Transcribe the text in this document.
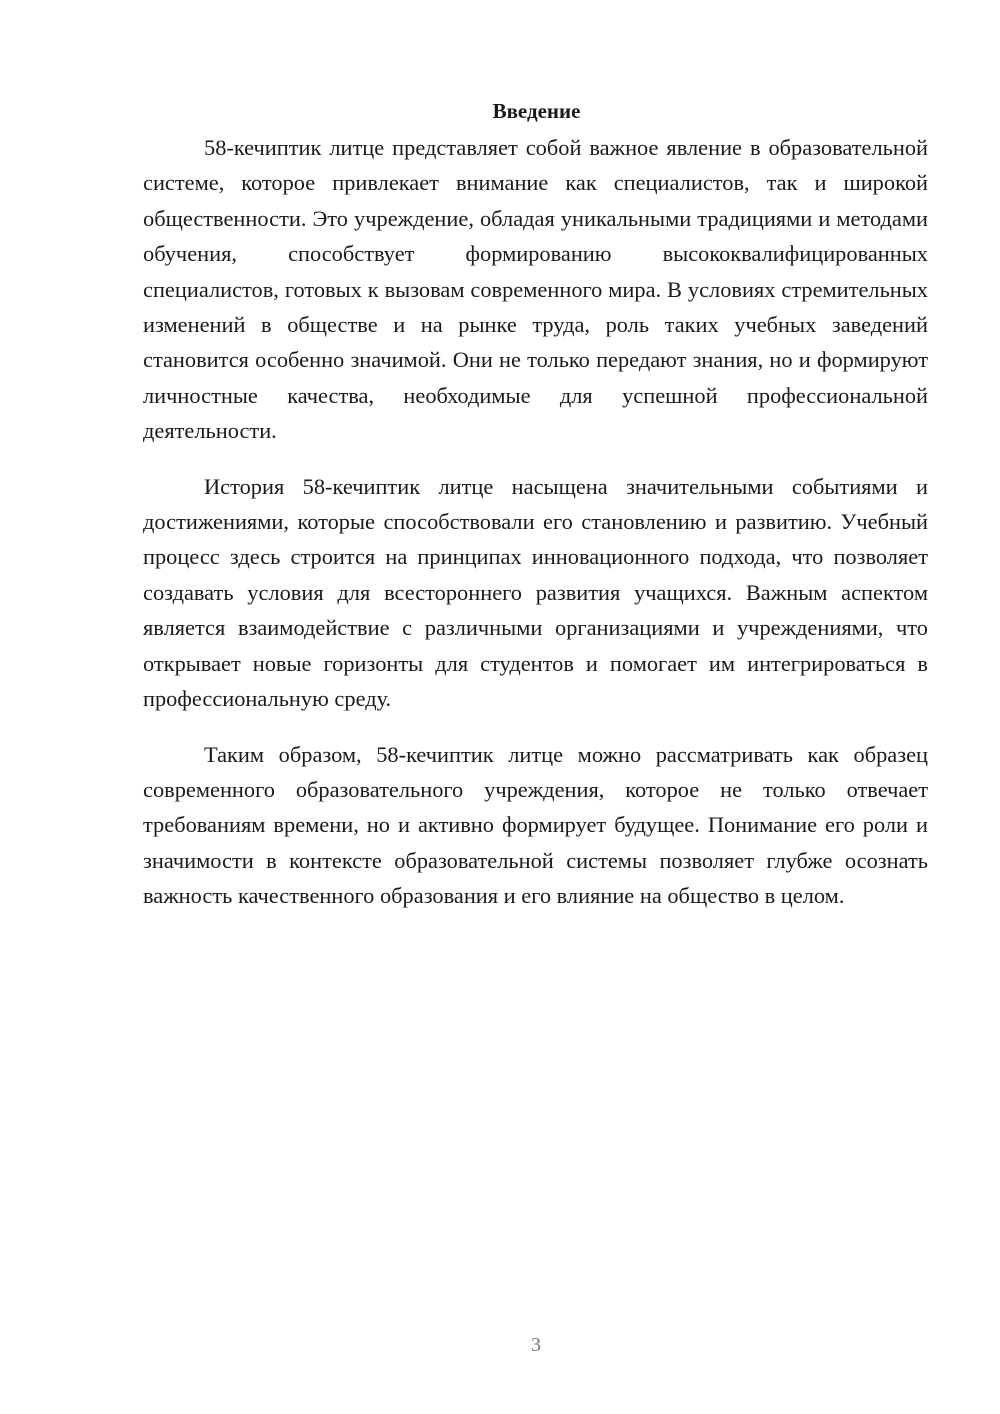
Введение

58-кечиптик литце представляет собой важное явление в образовательной системе, которое привлекает внимание как специалистов, так и широкой общественности. Это учреждение, обладая уникальными традициями и методами обучения, способствует формированию высококвалифицированных специалистов, готовых к вызовам современного мира. В условиях стремительных изменений в обществе и на рынке труда, роль таких учебных заведений становится особенно значимой. Они не только передают знания, но и формируют личностные качества, необходимые для успешной профессиональной деятельности.

История 58-кечиптик литце насыщена значительными событиями и достижениями, которые способствовали его становлению и развитию. Учебный процесс здесь строится на принципах инновационного подхода, что позволяет создавать условия для всестороннего развития учащихся. Важным аспектом является взаимодействие с различными организациями и учреждениями, что открывает новые горизонты для студентов и помогает им интегрироваться в профессиональную среду.

Таким образом, 58-кечиптик литце можно рассматривать как образец современного образовательного учреждения, которое не только отвечает требованиям времени, но и активно формирует будущее. Понимание его роли и значимости в контексте образовательной системы позволяет глубже осознать важность качественного образования и его влияние на общество в целом.

3
